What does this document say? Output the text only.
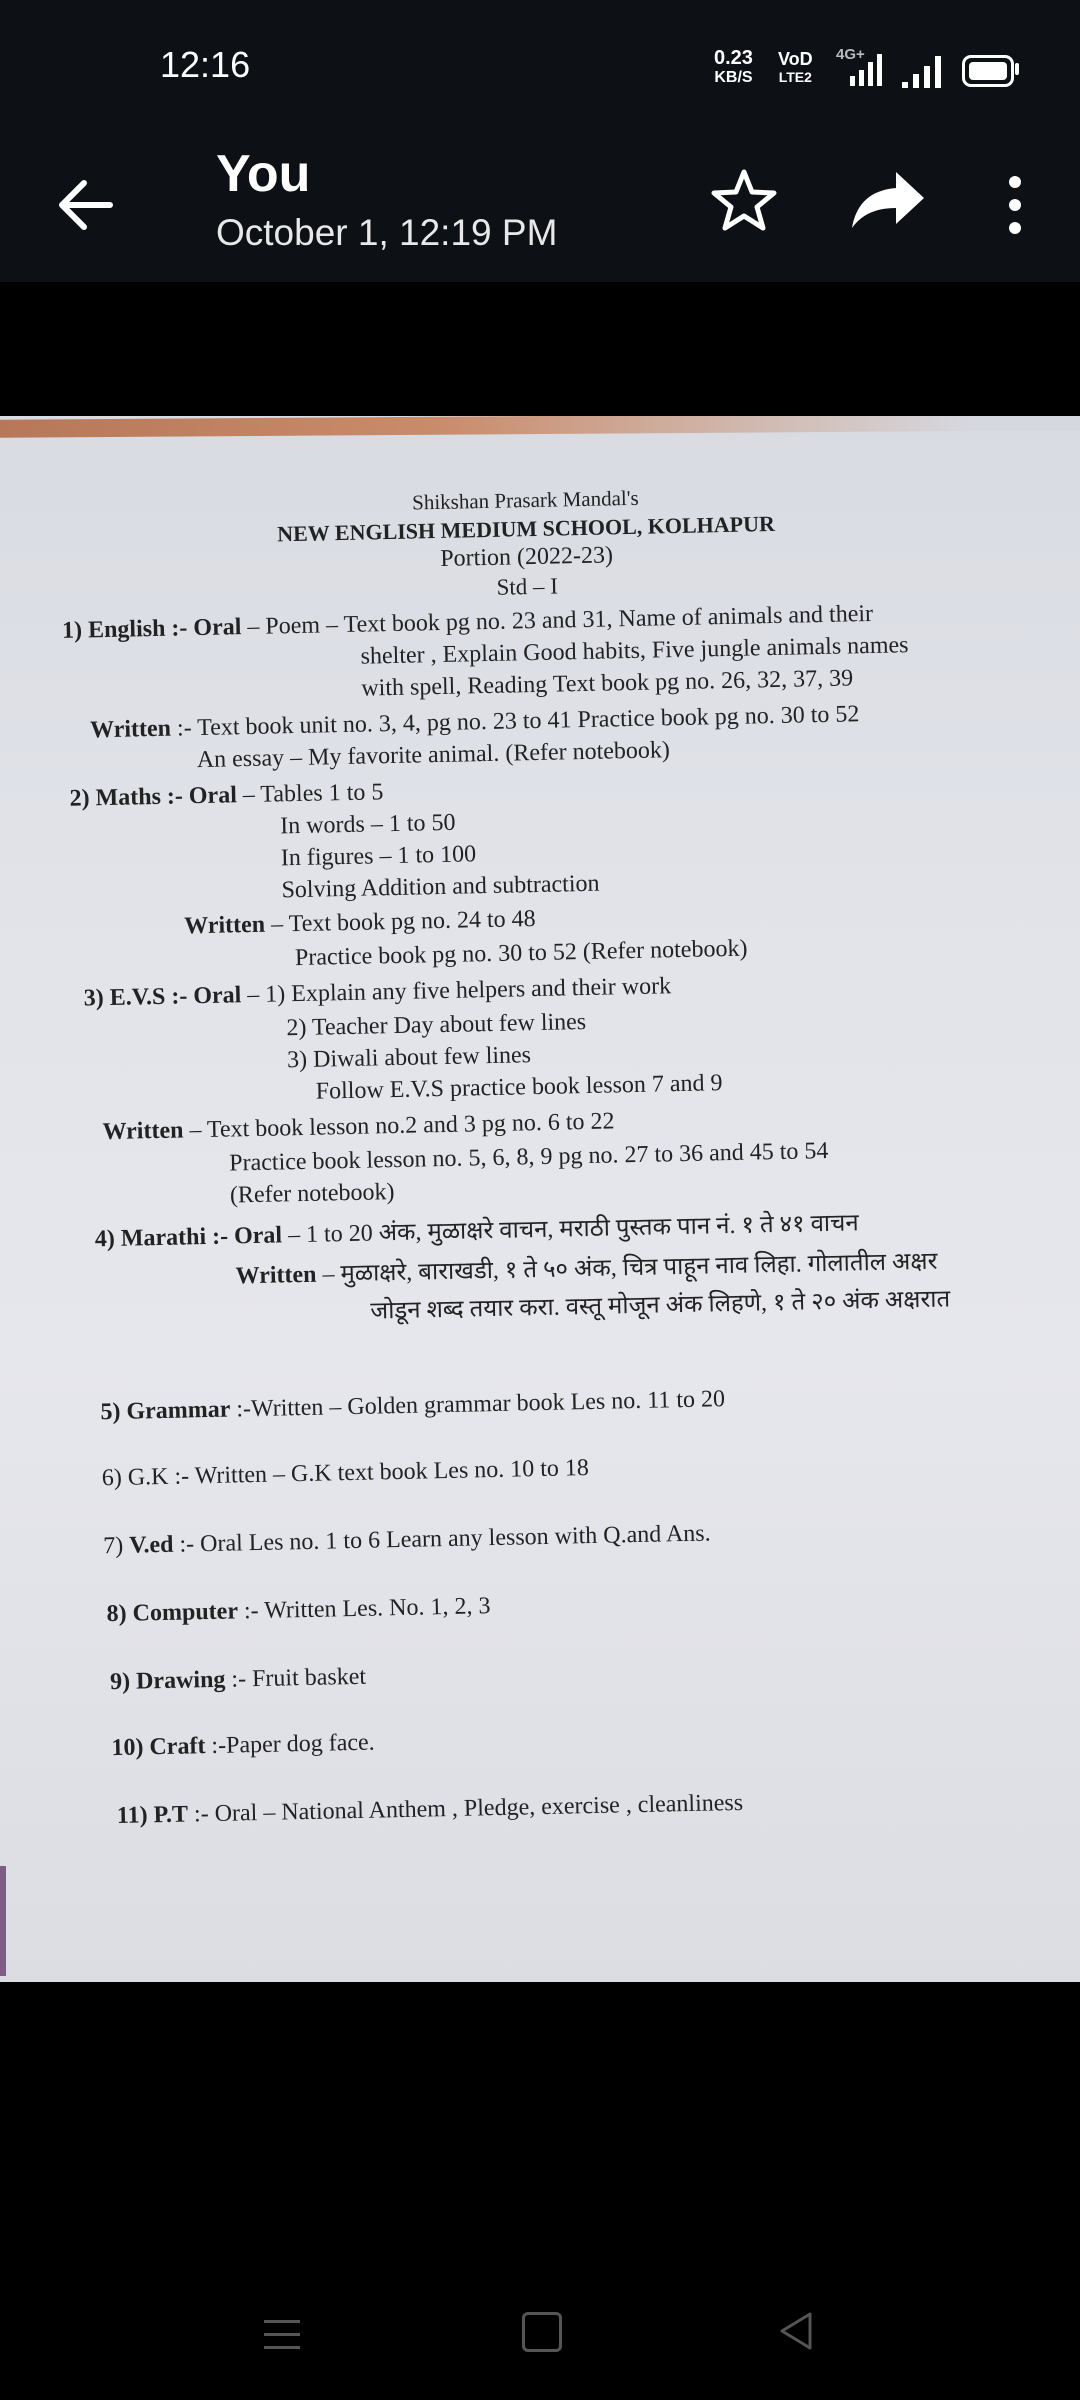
12:16	0.23
KB/S
VoD
LTE2
4G+
You
October 1, 12:19 PM
Shikshan Prasark Mandal's
NEW ENGLISH MEDIUM SCHOOL, KOLHAPUR
Portion (2022-23)
Std – I
1) English :- Oral – Poem – Text book pg no. 23 and 31, Name of animals and their
shelter , Explain Good habits, Five jungle animals names
with spell, Reading Text book pg no. 26, 32, 37, 39
Written :- Text book unit no. 3, 4, pg no. 23 to 41 Practice book pg no. 30 to 52
An essay – My favorite animal. (Refer notebook)
2) Maths :- Oral – Tables 1 to 5
In words – 1 to 50
In figures – 1 to 100
Solving Addition and subtraction
Written – Text book pg no. 24 to 48
Practice book pg no. 30 to 52 (Refer notebook)
3) E.V.S :- Oral – 1) Explain any five helpers and their work
2) Teacher Day about few lines
3) Diwali about few lines
Follow E.V.S practice book lesson 7 and 9
Written – Text book lesson no.2 and 3 pg no. 6 to 22
Practice book lesson no. 5, 6, 8, 9 pg no. 27 to 36 and 45 to 54
(Refer notebook)
4) Marathi :- Oral – 1 to 20 अंक, मुळाक्षरे वाचन, मराठी पुस्तक पान नं. १ ते ४१ वाचन
Written – मुळाक्षरे, बाराखडी, १ ते ५० अंक, चित्र पाहून नाव लिहा. गोलातील अक्षर
जोडून शब्द तयार करा. वस्तू मोजून अंक लिहणे, १ ते २० अंक अक्षरात
5) Grammar :-Written – Golden grammar book Les no. 11 to 20
6) G.K :- Written – G.K text book Les no. 10 to 18
7) V.ed :- Oral Les no. 1 to 6 Learn any lesson with Q.and Ans.
8) Computer :- Written Les. No. 1, 2, 3
9) Drawing :- Fruit basket
10) Craft :-Paper dog face.
11) P.T :- Oral – National Anthem , Pledge, exercise , cleanliness
